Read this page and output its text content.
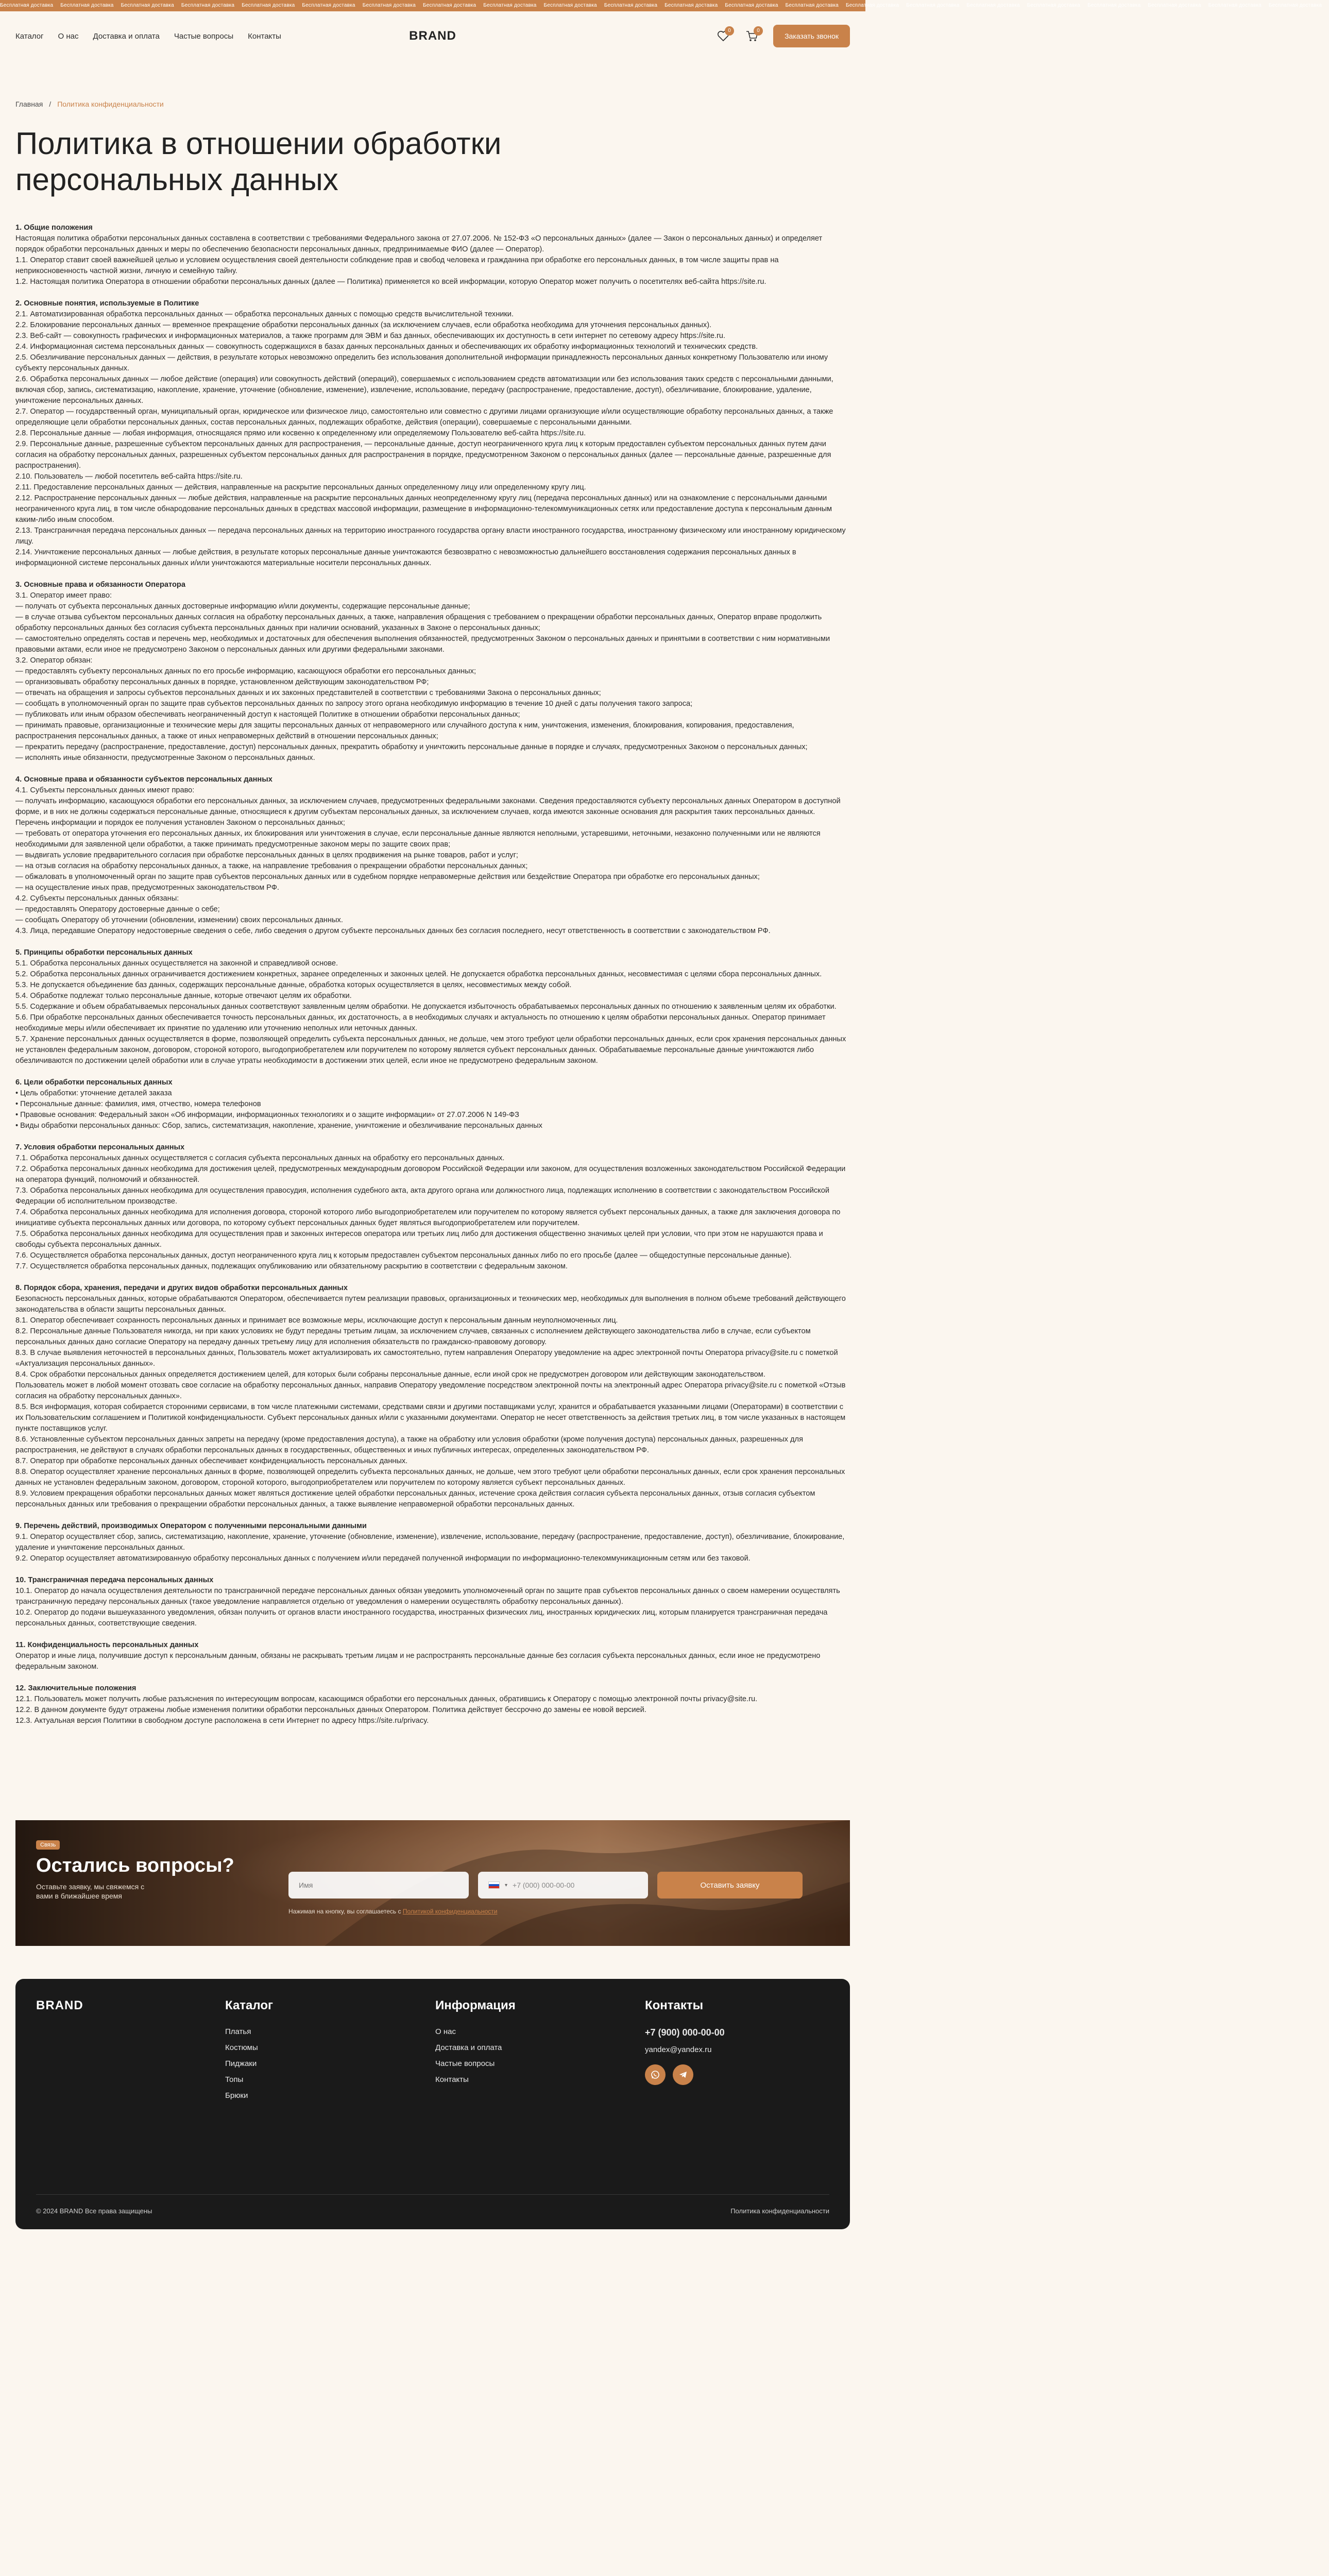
Бесплатная доставка Бесплатная доставка Бесплатная доставка Бесплатная доставка Бесплатная доставка Бесплатная доставка Бесплатная доставка Бесплатная доставка Бесплатная доставка Бесплатная доставка Бесплатная доставка Бесплатная доставка Бесплатная доставка Бесплатная доставка Бесплатная доставка Бесплатная доставка Бесплатная доставка Бесплатная доставка Бесплатная доставка Бесплатная доставка Бесплатная доставка Бесплатная доставка
Каталог О нас Доставка и оплата Частые вопросы Контакты	BRAND	0	0
Заказать звонок
Главная / Политика конфиденциальности
Политика в отношении обработки персональных данных
1. Общие положения

Настоящая политика обработки персональных данных составлена в соответствии с требованиями Федерального закона от 27.07.2006. № 152-ФЗ «О персональных данных» (далее — Закон о персональных данных) и определяет порядок обработки персональных данных и меры по обеспечению безопасности персональных данных, предпринимаемые ФИО (далее — Оператор).

1.1. Оператор ставит своей важнейшей целью и условием осуществления своей деятельности соблюдение прав и свобод человека и гражданина при обработке его персональных данных, в том числе защиты прав на неприкосновенность частной жизни, личную и семейную тайну.

1.2. Настоящая политика Оператора в отношении обработки персональных данных (далее — Политика) применяется ко всей информации, которую Оператор может получить о посетителях веб-сайта https://site.ru.

2. Основные понятия, используемые в Политике

2.1. Автоматизированная обработка персональных данных — обработка персональных данных с помощью средств вычислительной техники.

2.2. Блокирование персональных данных — временное прекращение обработки персональных данных (за исключением случаев, если обработка необходима для уточнения персональных данных).

2.3. Веб-сайт — совокупность графических и информационных материалов, а также программ для ЭВМ и баз данных, обеспечивающих их доступность в сети интернет по сетевому адресу https://site.ru.

2.4. Информационная система персональных данных — совокупность содержащихся в базах данных персональных данных и обеспечивающих их обработку информационных технологий и технических средств.

2.5. Обезличивание персональных данных — действия, в результате которых невозможно определить без использования дополнительной информации принадлежность персональных данных конкретному Пользователю или иному субъекту персональных данных.

2.6. Обработка персональных данных — любое действие (операция) или совокупность действий (операций), совершаемых с использованием средств автоматизации или без использования таких средств с персональными данными, включая сбор, запись, систематизацию, накопление, хранение, уточнение (обновление, изменение), извлечение, использование, передачу (распространение, предоставление, доступ), обезличивание, блокирование, удаление, уничтожение персональных данных.

2.7. Оператор — государственный орган, муниципальный орган, юридическое или физическое лицо, самостоятельно или совместно с другими лицами организующие и/или осуществляющие обработку персональных данных, а также определяющие цели обработки персональных данных, состав персональных данных, подлежащих обработке, действия (операции), совершаемые с персональными данными.

2.8. Персональные данные — любая информация, относящаяся прямо или косвенно к определенному или определяемому Пользователю веб-сайта https://site.ru.

2.9. Персональные данные, разрешенные субъектом персональных данных для распространения, — персональные данные, доступ неограниченного круга лиц к которым предоставлен субъектом персональных данных путем дачи согласия на обработку персональных данных, разрешенных субъектом персональных данных для распространения в порядке, предусмотренном Законом о персональных данных (далее — персональные данные, разрешенные для распространения).

2.10. Пользователь — любой посетитель веб-сайта https://site.ru.

2.11. Предоставление персональных данных — действия, направленные на раскрытие персональных данных определенному лицу или определенному кругу лиц.

2.12. Распространение персональных данных — любые действия, направленные на раскрытие персональных данных неопределенному кругу лиц (передача персональных данных) или на ознакомление с персональными данными неограниченного круга лиц, в том числе обнародование персональных данных в средствах массовой информации, размещение в информационно-телекоммуникационных сетях или предоставление доступа к персональным данным каким-либо иным способом.

2.13. Трансграничная передача персональных данных — передача персональных данных на территорию иностранного государства органу власти иностранного государства, иностранному физическому или иностранному юридическому лицу.

2.14. Уничтожение персональных данных — любые действия, в результате которых персональные данные уничтожаются безвозвратно с невозможностью дальнейшего восстановления содержания персональных данных в информационной системе персональных данных и/или уничтожаются материальные носители персональных данных.

3. Основные права и обязанности Оператора

3.1. Оператор имеет право:

— получать от субъекта персональных данных достоверные информацию и/или документы, содержащие персональные данные;

— в случае отзыва субъектом персональных данных согласия на обработку персональных данных, а также, направления обращения с требованием о прекращении обработки персональных данных, Оператор вправе продолжить обработку персональных данных без согласия субъекта персональных данных при наличии оснований, указанных в Законе о персональных данных;

— самостоятельно определять состав и перечень мер, необходимых и достаточных для обеспечения выполнения обязанностей, предусмотренных Законом о персональных данных и принятыми в соответствии с ним нормативными правовыми актами, если иное не предусмотрено Законом о персональных данных или другими федеральными законами.

3.2. Оператор обязан:

— предоставлять субъекту персональных данных по его просьбе информацию, касающуюся обработки его персональных данных;

— организовывать обработку персональных данных в порядке, установленном действующим законодательством РФ;

— отвечать на обращения и запросы субъектов персональных данных и их законных представителей в соответствии с требованиями Закона о персональных данных;

— сообщать в уполномоченный орган по защите прав субъектов персональных данных по запросу этого органа необходимую информацию в течение 10 дней с даты получения такого запроса;

— публиковать или иным образом обеспечивать неограниченный доступ к настоящей Политике в отношении обработки персональных данных;

— принимать правовые, организационные и технические меры для защиты персональных данных от неправомерного или случайного доступа к ним, уничтожения, изменения, блокирования, копирования, предоставления, распространения персональных данных, а также от иных неправомерных действий в отношении персональных данных;

— прекратить передачу (распространение, предоставление, доступ) персональных данных, прекратить обработку и уничтожить персональные данные в порядке и случаях, предусмотренных Законом о персональных данных;

— исполнять иные обязанности, предусмотренные Законом о персональных данных.

4. Основные права и обязанности субъектов персональных данных

4.1. Субъекты персональных данных имеют право:

— получать информацию, касающуюся обработки его персональных данных, за исключением случаев, предусмотренных федеральными законами. Сведения предоставляются субъекту персональных данных Оператором в доступной форме, и в них не должны содержаться персональные данные, относящиеся к другим субъектам персональных данных, за исключением случаев, когда имеются законные основания для раскрытия таких персональных данных. Перечень информации и порядок ее получения установлен Законом о персональных данных;

— требовать от оператора уточнения его персональных данных, их блокирования или уничтожения в случае, если персональные данные являются неполными, устаревшими, неточными, незаконно полученными или не являются необходимыми для заявленной цели обработки, а также принимать предусмотренные законом меры по защите своих прав;

— выдвигать условие предварительного согласия при обработке персональных данных в целях продвижения на рынке товаров, работ и услуг;

— на отзыв согласия на обработку персональных данных, а также, на направление требования о прекращении обработки персональных данных;

— обжаловать в уполномоченный орган по защите прав субъектов персональных данных или в судебном порядке неправомерные действия или бездействие Оператора при обработке его персональных данных;

— на осуществление иных прав, предусмотренных законодательством РФ.

4.2. Субъекты персональных данных обязаны:

— предоставлять Оператору достоверные данные о себе;

— сообщать Оператору об уточнении (обновлении, изменении) своих персональных данных.

4.3. Лица, передавшие Оператору недостоверные сведения о себе, либо сведения о другом субъекте персональных данных без согласия последнего, несут ответственность в соответствии с законодательством РФ.

5. Принципы обработки персональных данных

5.1. Обработка персональных данных осуществляется на законной и справедливой основе.

5.2. Обработка персональных данных ограничивается достижением конкретных, заранее определенных и законных целей. Не допускается обработка персональных данных, несовместимая с целями сбора персональных данных.

5.3. Не допускается объединение баз данных, содержащих персональные данные, обработка которых осуществляется в целях, несовместимых между собой.

5.4. Обработке подлежат только персональные данные, которые отвечают целям их обработки.

5.5. Содержание и объем обрабатываемых персональных данных соответствуют заявленным целям обработки. Не допускается избыточность обрабатываемых персональных данных по отношению к заявленным целям их обработки.

5.6. При обработке персональных данных обеспечивается точность персональных данных, их достаточность, а в необходимых случаях и актуальность по отношению к целям обработки персональных данных. Оператор принимает необходимые меры и/или обеспечивает их принятие по удалению или уточнению неполных или неточных данных.

5.7. Хранение персональных данных осуществляется в форме, позволяющей определить субъекта персональных данных, не дольше, чем этого требуют цели обработки персональных данных, если срок хранения персональных данных не установлен федеральным законом, договором, стороной которого, выгодоприобретателем или поручителем по которому является субъект персональных данных. Обрабатываемые персональные данные уничтожаются либо обезличиваются по достижении целей обработки или в случае утраты необходимости в достижении этих целей, если иное не предусмотрено федеральным законом.

6. Цели обработки персональных данных

• Цель обработки: уточнение деталей заказа

• Персональные данные: фамилия, имя, отчество, номера телефонов

• Правовые основания: Федеральный закон «Об информации, информационных технологиях и о защите информации» от 27.07.2006 N 149-ФЗ

• Виды обработки персональных данных: Сбор, запись, систематизация, накопление, хранение, уничтожение и обезличивание персональных данных

7. Условия обработки персональных данных

7.1. Обработка персональных данных осуществляется с согласия субъекта персональных данных на обработку его персональных данных.

7.2. Обработка персональных данных необходима для достижения целей, предусмотренных международным договором Российской Федерации или законом, для осуществления возложенных законодательством Российской Федерации на оператора функций, полномочий и обязанностей.

7.3. Обработка персональных данных необходима для осуществления правосудия, исполнения судебного акта, акта другого органа или должностного лица, подлежащих исполнению в соответствии с законодательством Российской Федерации об исполнительном производстве.

7.4. Обработка персональных данных необходима для исполнения договора, стороной которого либо выгодоприобретателем или поручителем по которому является субъект персональных данных, а также для заключения договора по инициативе субъекта персональных данных или договора, по которому субъект персональных данных будет являться выгодоприобретателем или поручителем.

7.5. Обработка персональных данных необходима для осуществления прав и законных интересов оператора или третьих лиц либо для достижения общественно значимых целей при условии, что при этом не нарушаются права и свободы субъекта персональных данных.

7.6. Осуществляется обработка персональных данных, доступ неограниченного круга лиц к которым предоставлен субъектом персональных данных либо по его просьбе (далее — общедоступные персональные данные).

7.7. Осуществляется обработка персональных данных, подлежащих опубликованию или обязательному раскрытию в соответствии с федеральным законом.

8. Порядок сбора, хранения, передачи и других видов обработки персональных данных

Безопасность персональных данных, которые обрабатываются Оператором, обеспечивается путем реализации правовых, организационных и технических мер, необходимых для выполнения в полном объеме требований действующего законодательства в области защиты персональных данных.

8.1. Оператор обеспечивает сохранность персональных данных и принимает все возможные меры, исключающие доступ к персональным данным неуполномоченных лиц.

8.2. Персональные данные Пользователя никогда, ни при каких условиях не будут переданы третьим лицам, за исключением случаев, связанных с исполнением действующего законодательства либо в случае, если субъектом персональных данных дано согласие Оператору на передачу данных третьему лицу для исполнения обязательств по гражданско-правовому договору.

8.3. В случае выявления неточностей в персональных данных, Пользователь может актуализировать их самостоятельно, путем направления Оператору уведомление на адрес электронной почты Оператора privacy@site.ru с пометкой «Актуализация персональных данных».

8.4. Срок обработки персональных данных определяется достижением целей, для которых были собраны персональные данные, если иной срок не предусмотрен договором или действующим законодательством.

Пользователь может в любой момент отозвать свое согласие на обработку персональных данных, направив Оператору уведомление посредством электронной почты на электронный адрес Оператора privacy@site.ru с пометкой «Отзыв согласия на обработку персональных данных».

8.5. Вся информация, которая собирается сторонними сервисами, в том числе платежными системами, средствами связи и другими поставщиками услуг, хранится и обрабатывается указанными лицами (Операторами) в соответствии с их Пользовательским соглашением и Политикой конфиденциальности. Субъект персональных данных и/или с указанными документами. Оператор не несет ответственность за действия третьих лиц, в том числе указанных в настоящем пункте поставщиков услуг.

8.6. Установленные субъектом персональных данных запреты на передачу (кроме предоставления доступа), а также на обработку или условия обработки (кроме получения доступа) персональных данных, разрешенных для распространения, не действуют в случаях обработки персональных данных в государственных, общественных и иных публичных интересах, определенных законодательством РФ.

8.7. Оператор при обработке персональных данных обеспечивает конфиденциальность персональных данных.

8.8. Оператор осуществляет хранение персональных данных в форме, позволяющей определить субъекта персональных данных, не дольше, чем этого требуют цели обработки персональных данных, если срок хранения персональных данных не установлен федеральным законом, договором, стороной которого, выгодоприобретателем или поручителем по которому является субъект персональных данных.

8.9. Условием прекращения обработки персональных данных может являться достижение целей обработки персональных данных, истечение срока действия согласия субъекта персональных данных, отзыв согласия субъектом персональных данных или требования о прекращении обработки персональных данных, а также выявление неправомерной обработки персональных данных.

9. Перечень действий, производимых Оператором с полученными персональными данными

9.1. Оператор осуществляет сбор, запись, систематизацию, накопление, хранение, уточнение (обновление, изменение), извлечение, использование, передачу (распространение, предоставление, доступ), обезличивание, блокирование, удаление и уничтожение персональных данных.

9.2. Оператор осуществляет автоматизированную обработку персональных данных с получением и/или передачей полученной информации по информационно-телекоммуникационным сетям или без таковой.

10. Трансграничная передача персональных данных

10.1. Оператор до начала осуществления деятельности по трансграничной передаче персональных данных обязан уведомить уполномоченный орган по защите прав субъектов персональных данных о своем намерении осуществлять трансграничную передачу персональных данных (такое уведомление направляется отдельно от уведомления о намерении осуществлять обработку персональных данных).

10.2. Оператор до подачи вышеуказанного уведомления, обязан получить от органов власти иностранного государства, иностранных физических лиц, иностранных юридических лиц, которым планируется трансграничная передача персональных данных, соответствующие сведения.

11. Конфиденциальность персональных данных

Оператор и иные лица, получившие доступ к персональным данным, обязаны не раскрывать третьим лицам и не распространять персональные данные без согласия субъекта персональных данных, если иное не предусмотрено федеральным законом.

12. Заключительные положения

12.1. Пользователь может получить любые разъяснения по интересующим вопросам, касающимся обработки его персональных данных, обратившись к Оператору с помощью электронной почты privacy@site.ru.

12.2. В данном документе будут отражены любые изменения политики обработки персональных данных Оператором. Политика действует бессрочно до замены ее новой версией.

12.3. Актуальная версия Политики в свободном доступе расположена в сети Интернет по адресу https://site.ru/privacy.

Связь
Остались вопросы?
Оставьте заявку, мы свяжемся с вами в ближайшее время
Имя
▾ +7 (000) 000-00-00	Оставить заявку
Нажимая на кнопку, вы соглашаетесь с Политикой конфиденциальности
BRAND	Каталог
Платья
Костюмы
Пиджаки
Топы
Брюки
Информация
О нас
Доставка и оплата
Частые вопросы
Контакты
Контакты
+7 (900) 000-00-00
yandex@yandex.ru
© 2024 BRAND Все права защищены	Политика конфиденциальности
